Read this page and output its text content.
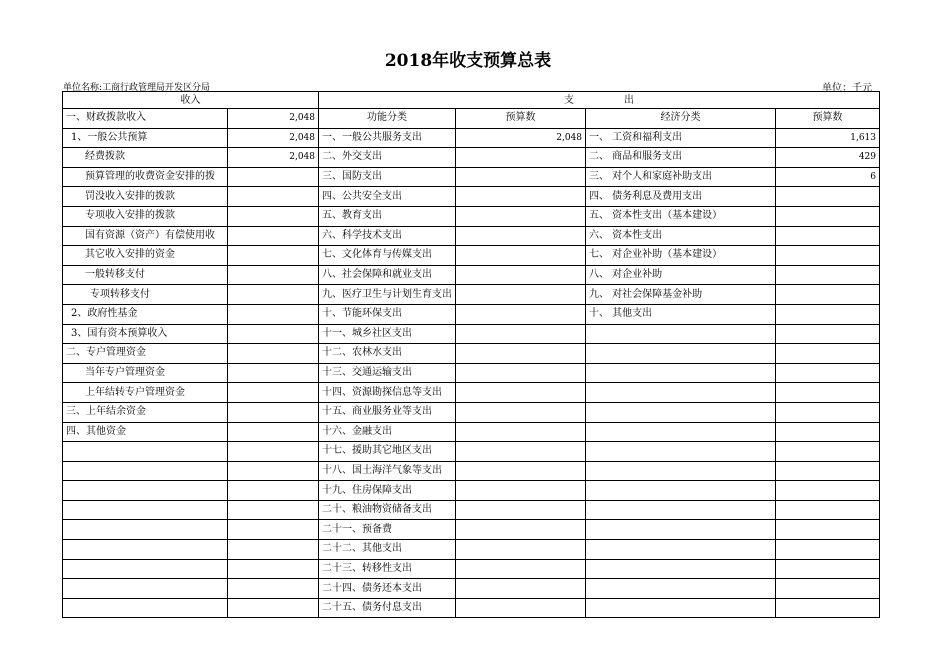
2018年收支预算总表
单位名称:工商行政管理局开发区分局	单位：千元
收入		支　　　　　出			
一、财政拨款收入	2,048	功能分类	预算数	经济分类	预算数
1、一般公共预算	2,048	一、一般公共服务支出	2,048	一、 工资和福利支出	1,613
经费拨款	2,048	二、外交支出		二、 商品和服务支出	429
预算管理的收费资金安排的拨		三、国防支出		三、 对个人和家庭补助支出	6
罚没收入安排的拨款		四、公共安全支出		四、 债务利息及费用支出	
专项收入安排的拨款		五、教育支出		五、 资本性支出（基本建设）	
国有资源（资产）有偿使用收		六、科学技术支出		六、 资本性支出	
其它收入安排的资金		七、文化体育与传媒支出		七、 对企业补助（基本建设）	
一般转移支付		八、社会保障和就业支出		八、 对企业补助	
专项转移支付		九、医疗卫生与计划生育支出		九、 对社会保障基金补助	
2、政府性基金		十、节能环保支出		十、 其他支出	
3、国有资本预算收入		十一、城乡社区支出			
二、专户管理资金		十二、农林水支出			
当年专户管理资金		十三、交通运输支出			
上年结转专户管理资金		十四、资源勘探信息等支出			
三、上年结余资金		十五、商业服务业等支出			
四、其他资金		十六、金融支出			
		十七、援助其它地区支出			
		十八、国土海洋气象等支出			
		十九、住房保障支出			
		二十、粮油物资储备支出			
		二十一、预备费			
		二十二、其他支出			
		二十三、转移性支出			
		二十四、债务还本支出			
		二十五、债务付息支出			
